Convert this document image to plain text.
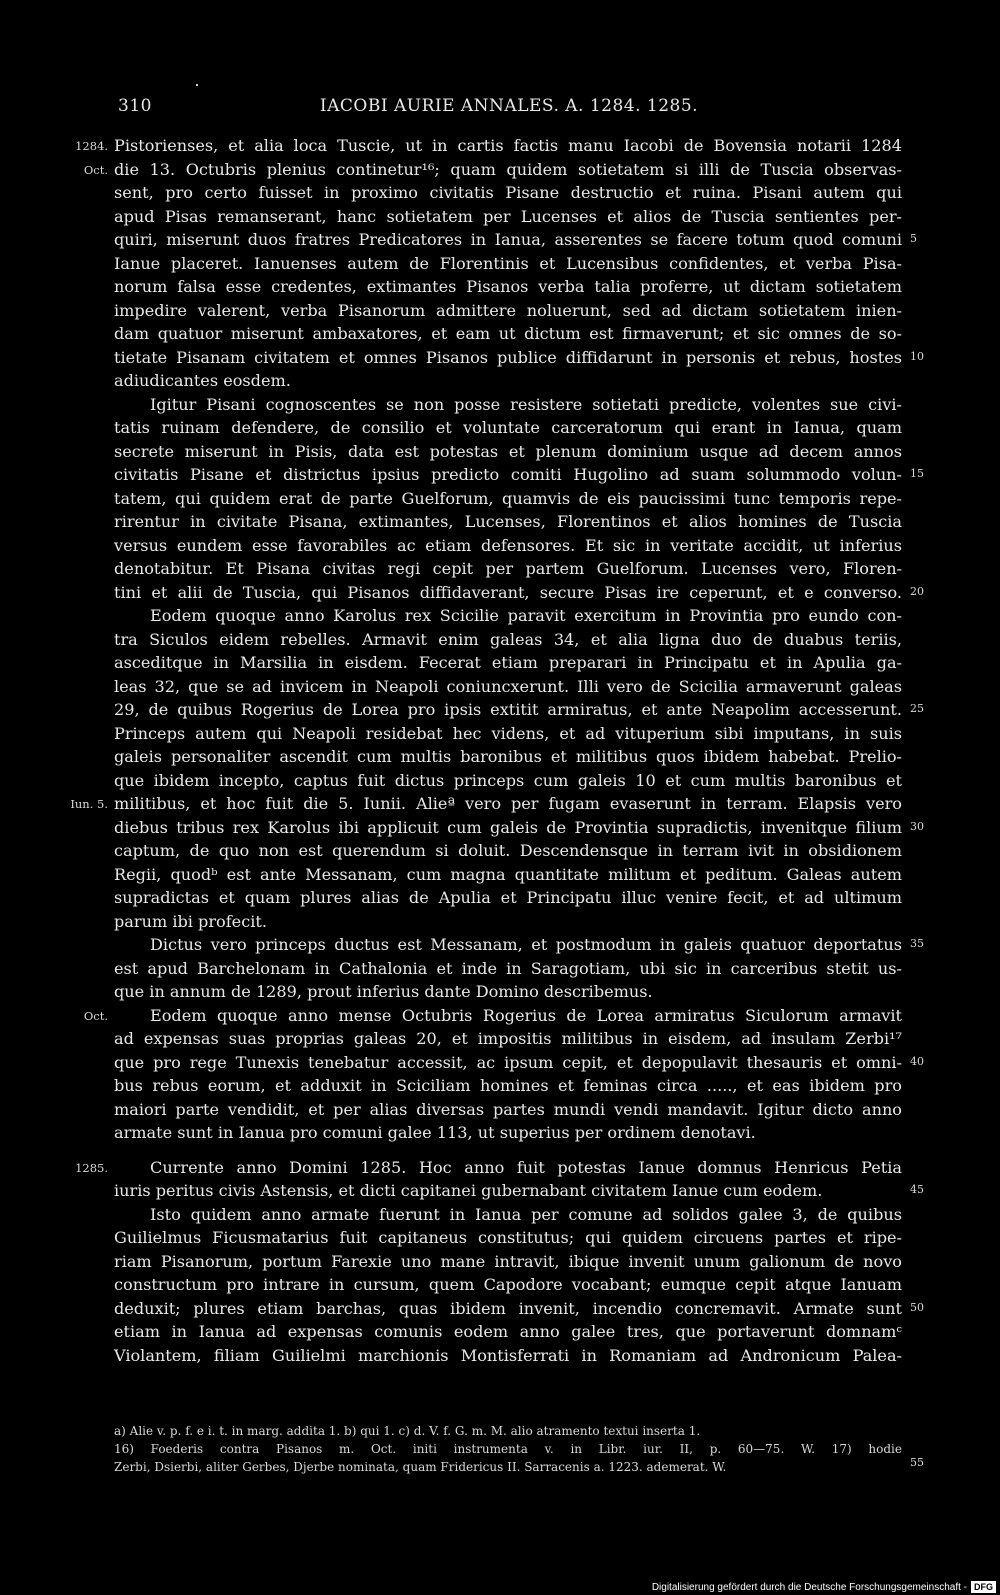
310	IACOBI AURIE ANNALES. A. 1284. 1285.
Pistorienses, et alia loca Tuscie, ut in cartis factis manu Iacobi de Bovensia notarii 1284
1284.
die 13. Octubris plenius continetur¹⁶; quam quidem sotietatem si illi de Tuscia observas-
Oct.
sent, pro certo fuisset in proximo civitatis Pisane destructio et ruina. Pisani autem qui
apud Pisas remanserant, hanc sotietatem per Lucenses et alios de Tuscia sentientes per-
quiri, miserunt duos fratres Predicatores in Ianua, asserentes se facere totum quod comuni 5
Ianue placeret. Ianuenses autem de Florentinis et Lucensibus confidentes, et verba Pisa-
norum falsa esse credentes, extimantes Pisanos verba talia proferre, ut dictam sotietatem
impedire valerent, verba Pisanorum admittere noluerunt, sed ad dictam sotietatem inien-
dam quatuor miserunt ambaxatores, et eam ut dictum est firmaverunt; et sic omnes de so-
tietate Pisanam civitatem et omnes Pisanos publice diffidarunt in personis et rebus, hostes 10
adiudicantes eosdem.
Igitur Pisani cognoscentes se non posse resistere sotietati predicte, volentes sue civi-
tatis ruinam defendere, de consilio et voluntate carceratorum qui erant in Ianua, quam
secrete miserunt in Pisis, data est potestas et plenum dominium usque ad decem annos
civitatis Pisane et districtus ipsius predicto comiti Hugolino ad suam solummodo volun- 15
tatem, qui quidem erat de parte Guelforum, quamvis de eis paucissimi tunc temporis repe-
rirentur in civitate Pisana, extimantes, Lucenses, Florentinos et alios homines de Tuscia
versus eundem esse favorabiles ac etiam defensores. Et sic in veritate accidit, ut inferius
denotabitur. Et Pisana civitas regi cepit per partem Guelforum. Lucenses vero, Floren-
tini et alii de Tuscia, qui Pisanos diffidaverant, secure Pisas ire ceperunt, et e converso. 20
Eodem quoque anno Karolus rex Scicilie paravit exercitum in Provintia pro eundo con-
tra Siculos eidem rebelles. Armavit enim galeas 34, et alia ligna duo de duabus teriis,
asceditque in Marsilia in eisdem. Fecerat etiam preparari in Principatu et in Apulia ga-
leas 32, que se ad invicem in Neapoli coniuncxerunt. Illi vero de Scicilia armaverunt galeas
29, de quibus Rogerius de Lorea pro ipsis extitit armiratus, et ante Neapolim accesserunt. 25
Princeps autem qui Neapoli residebat hec videns, et ad vituperium sibi imputans, in suis
galeis personaliter ascendit cum multis baronibus et militibus quos ibidem habebat. Prelio-
que ibidem incepto, captus fuit dictus princeps cum galeis 10 et cum multis baronibus et
militibus, et hoc fuit die 5. Iunii. Alieª vero per fugam evaserunt in terram. Elapsis vero
Iun. 5.
diebus tribus rex Karolus ibi applicuit cum galeis de Provintia supradictis, invenitque filium 30
captum, de quo non est querendum si doluit. Descendensque in terram ivit in obsidionem
Regii, quodᵇ est ante Messanam, cum magna quantitate militum et peditum. Galeas autem
supradictas et quam plures alias de Apulia et Principatu illuc venire fecit, et ad ultimum
parum ibi profecit.
Dictus vero princeps ductus est Messanam, et postmodum in galeis quatuor deportatus 35
est apud Barchelonam in Cathalonia et inde in Saragotiam, ubi sic in carceribus stetit us-
que in annum de 1289, prout inferius dante Domino describemus.
Eodem quoque anno mense Octubris Rogerius de Lorea armiratus Siculorum armavit
Oct.
ad expensas suas proprias galeas 20, et impositis militibus in eisdem, ad insulam Zerbi¹⁷
que pro rege Tunexis tenebatur accessit, ac ipsum cepit, et depopulavit thesauris et omni- 40
bus rebus eorum, et adduxit in Sciciliam homines et feminas circa ....., et eas ibidem pro
maiori parte vendidit, et per alias diversas partes mundi vendi mandavit. Igitur dicto anno
armate sunt in Ianua pro comuni galee 113, ut superius per ordinem denotavi.
Currente anno Domini 1285. Hoc anno fuit potestas Ianue domnus Henricus Petia
1285.
iuris peritus civis Astensis, et dicti capitanei gubernabant civitatem Ianue cum eodem.	45
Isto quidem anno armate fuerunt in Ianua per comune ad solidos galee 3, de quibus
Guilielmus Ficusmatarius fuit capitaneus constitutus; qui quidem circuens partes et ripe-
riam Pisanorum, portum Farexie uno mane intravit, ibique invenit unum galionum de novo
constructum pro intrare in cursum, quem Capodore vocabant; eumque cepit atque Ianuam
deduxit; plures etiam barchas, quas ibidem invenit, incendio concremavit. Armate sunt 50
etiam in Ianua ad expensas comunis eodem anno galee tres, que portaverunt domnamᶜ
Violantem, filiam Guilielmi marchionis Montisferrati in Romaniam ad Andronicum Palea-
a) Alie v. p. f. e i. t. in marg. addita 1. b) qui 1. c) d. V. f. G. m. M. alio atramento textui inserta 1.
16) Foederis contra Pisanos m. Oct. initi instrumenta v. in Libr. iur. II, p. 60—75. W. 17) hodie
Zerbi, Dsierbi, aliter Gerbes, Djerbe nominata, quam Fridericus II. Sarracenis a. 1223. ademerat. W.	55
Digitalisierung gefördert durch die Deutsche Forschungsgemeinschaft - DFG
